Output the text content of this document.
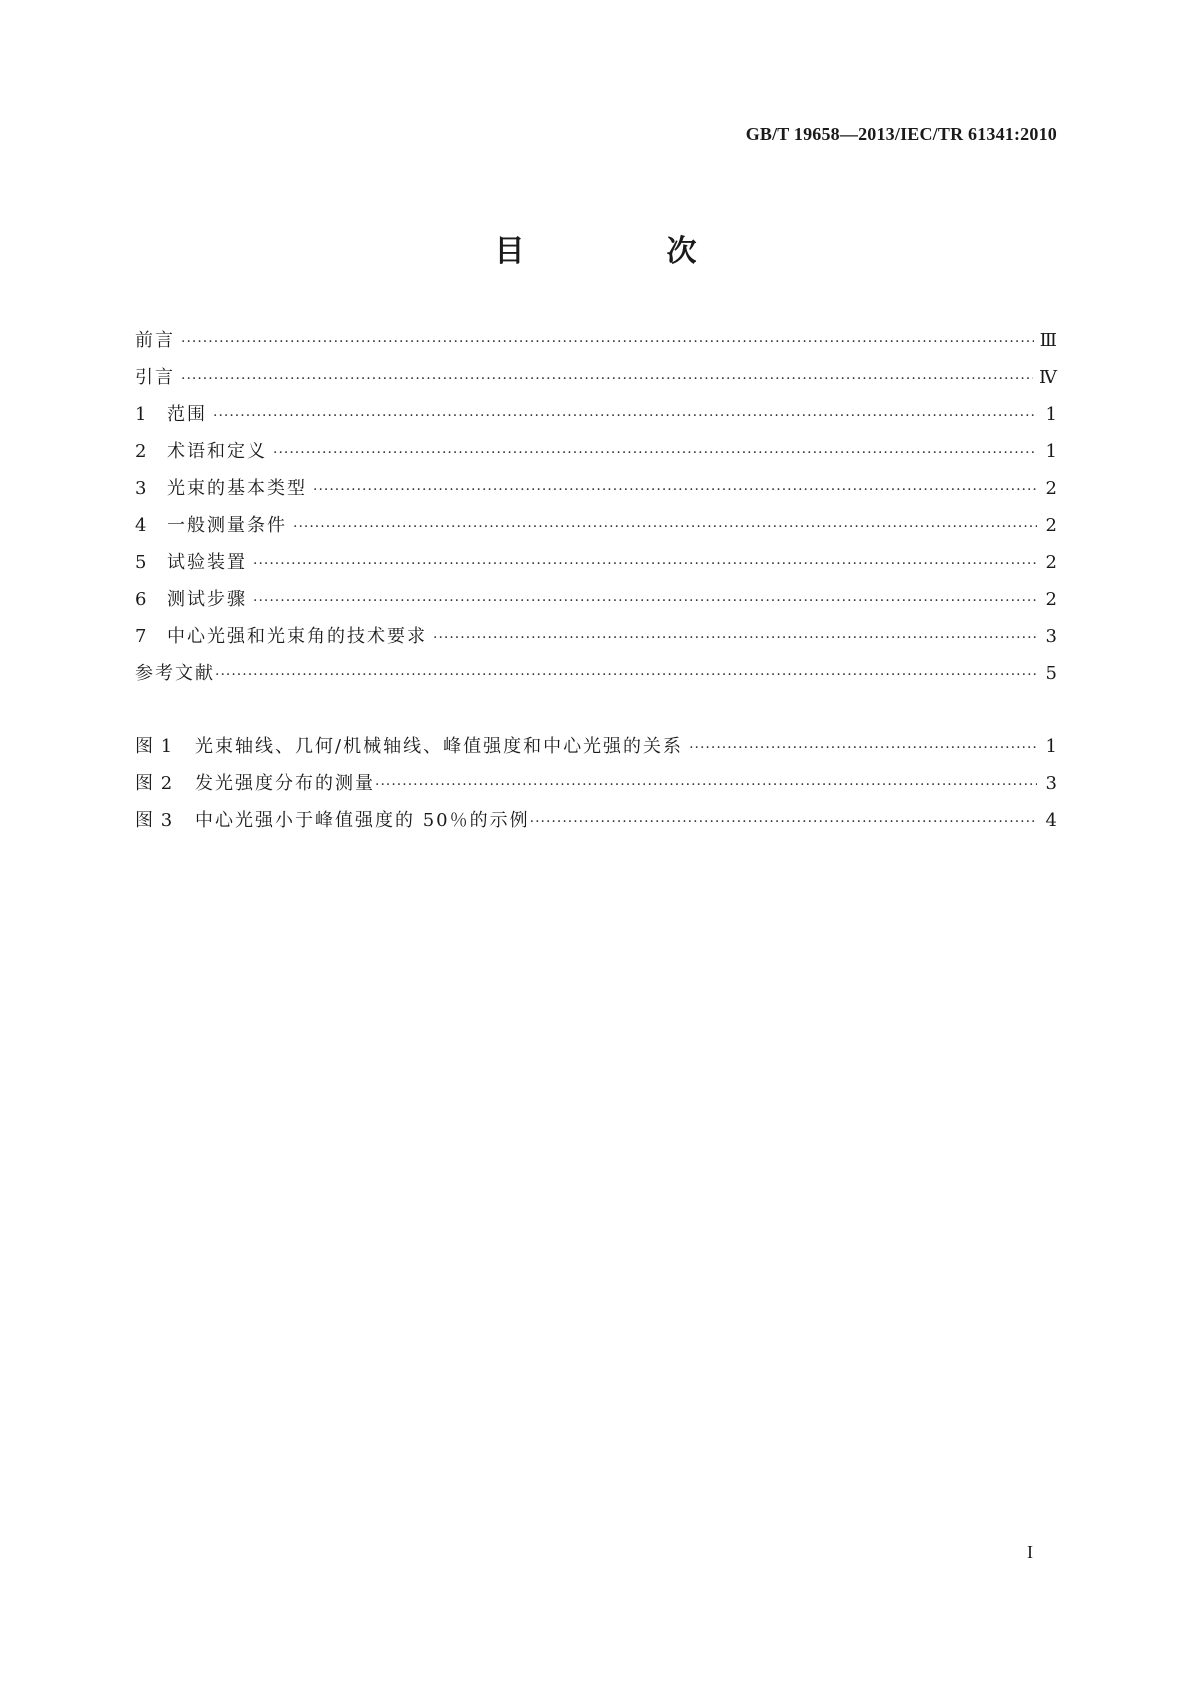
GB/T 19658—2013/IEC/TR 61341:2010
目　次
前言 ·····	Ⅲ
引言 ·····	Ⅳ
1	范围 ·····	1
2	术语和定义 ·····	1
3	光束的基本类型 ·····	2
4	一般测量条件 ·····	2
5	试验装置 ·····	2
6	测试步骤 ·····	2
7	中心光强和光束角的技术要求 ·····	3
参考文献 ·····	5
图 1	光束轴线、几何/机械轴线、峰值强度和中心光强的关系 ·····	1
图 2	发光强度分布的测量 ·····	3
图 3	中心光强小于峰值强度的 50％的示例 ·····	4
I
